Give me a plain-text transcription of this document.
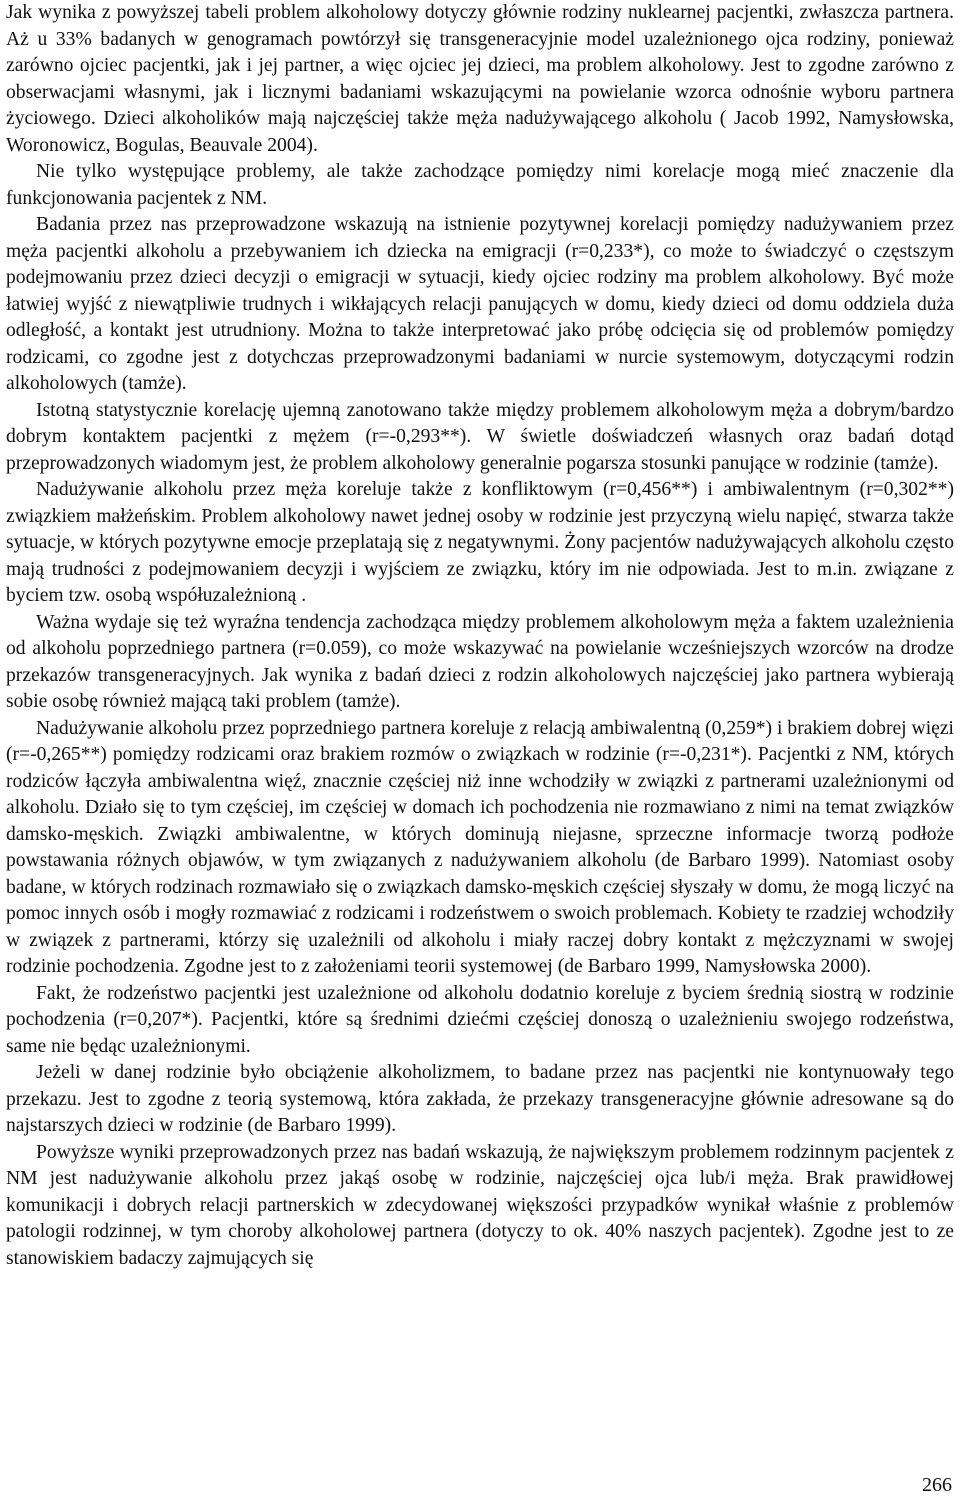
Jak wynika z powyższej tabeli problem alkoholowy dotyczy głównie rodziny nuklearnej pacjentki, zwłaszcza partnera. Aż u 33% badanych w genogramach powtórzył się transgeneracyjnie model uzależnionego ojca rodziny, ponieważ zarówno ojciec pacjentki, jak i jej partner, a więc ojciec jej dzieci, ma problem alkoholowy. Jest to zgodne zarówno z obserwacjami własnymi, jak i licznymi badaniami wskazującymi na powielanie wzorca odnośnie wyboru partnera życiowego. Dzieci alkoholików mają najczęściej także męża nadużywającego alkoholu ( Jacob 1992, Namysłowska, Woronowicz, Bogulas, Beauvale 2004).

Nie tylko występujące problemy, ale także zachodzące pomiędzy nimi korelacje mogą mieć znaczenie dla funkcjonowania pacjentek z NM.

Badania przez nas przeprowadzone wskazują na istnienie pozytywnej korelacji pomiędzy nadużywaniem przez męża pacjentki alkoholu a przebywaniem ich dziecka na emigracji (r=0,233*), co może to świadczyć o częstszym podejmowaniu przez dzieci decyzji o emigracji w sytuacji, kiedy ojciec rodziny ma problem alkoholowy. Być może łatwiej wyjść z niewątpliwie trudnych i wikłających relacji panujących w domu, kiedy dzieci od domu oddziela duża odległość, a kontakt jest utrudniony. Można to także interpretować jako próbę odcięcia się od problemów pomiędzy rodzicami, co zgodne jest z dotychczas przeprowadzonymi badaniami w nurcie systemowym, dotyczącymi rodzin alkoholowych (tamże).

Istotną statystycznie korelację ujemną zanotowano także między problemem alkoholowym męża a dobrym/bardzo dobrym kontaktem pacjentki z mężem (r=-0,293**). W świetle doświadczeń własnych oraz badań dotąd przeprowadzonych wiadomym jest, że problem alkoholowy generalnie pogarsza stosunki panujące w rodzinie (tamże).

Nadużywanie alkoholu przez męża koreluje także z konfliktowym (r=0,456**) i ambiwalentnym (r=0,302**) związkiem małżeńskim. Problem alkoholowy nawet jednej osoby w rodzinie jest przyczyną wielu napięć, stwarza także sytuacje, w których pozytywne emocje przeplatają się z negatywnymi. Żony pacjentów nadużywających alkoholu często mają trudności z podejmowaniem decyzji i wyjściem ze związku, który im nie odpowiada. Jest to m.in. związane z byciem tzw. osobą współuzależnioną .

Ważna wydaje się też wyraźna tendencja zachodząca między problemem alkoholowym męża a faktem uzależnienia od alkoholu poprzedniego partnera (r=0.059), co może wskazywać na powielanie wcześniejszych wzorców na drodze przekazów transgeneracyjnych. Jak wynika z badań dzieci z rodzin alkoholowych najczęściej jako partnera wybierają sobie osobę również mającą taki problem (tamże).

Nadużywanie alkoholu przez poprzedniego partnera koreluje z relacją ambiwalentną (0,259*) i brakiem dobrej więzi (r=-0,265**) pomiędzy rodzicami oraz brakiem rozmów o związkach w rodzinie (r=-0,231*). Pacjentki z NM, których rodziców łączyła ambiwalentna więź, znacznie częściej niż inne wchodziły w związki z partnerami uzależnionymi od alkoholu. Działo się to tym częściej, im częściej w domach ich pochodzenia nie rozmawiano z nimi na temat związków damsko-męskich. Związki ambiwalentne, w których dominują niejasne, sprzeczne informacje tworzą podłoże powstawania różnych objawów, w tym związanych z nadużywaniem alkoholu (de Barbaro 1999). Natomiast osoby badane, w których rodzinach rozmawiało się o związkach damsko-męskich częściej słyszały w domu, że mogą liczyć na pomoc innych osób i mogły rozmawiać z rodzicami i rodzeństwem o swoich problemach. Kobiety te rzadziej wchodziły w związek z partnerami, którzy się uzależnili od alkoholu i miały raczej dobry kontakt z mężczyznami w swojej rodzinie pochodzenia. Zgodne jest to z założeniami teorii systemowej (de Barbaro 1999, Namysłowska 2000).

Fakt, że rodzeństwo pacjentki jest uzależnione od alkoholu dodatnio koreluje z byciem średnią siostrą w rodzinie pochodzenia (r=0,207*). Pacjentki, które są średnimi dziećmi częściej donoszą o uzależnieniu swojego rodzeństwa, same nie będąc uzależnionymi.

Jeżeli w danej rodzinie było obciążenie alkoholizmem, to badane przez nas pacjentki nie kontynuowały tego przekazu. Jest to zgodne z teorią systemową, która zakłada, że przekazy transgeneracyjne głównie adresowane są do najstarszych dzieci w rodzinie (de Barbaro 1999).

Powyższe wyniki przeprowadzonych przez nas badań wskazują, że największym problemem rodzinnym pacjentek z NM jest nadużywanie alkoholu przez jakąś osobę w rodzinie, najczęściej ojca lub/i męża. Brak prawidłowej komunikacji i dobrych relacji partnerskich w zdecydowanej większości przypadków wynikał właśnie z problemów patologii rodzinnej, w tym choroby alkoholowej partnera (dotyczy to ok. 40% naszych pacjentek). Zgodne jest to ze stanowiskiem badaczy zajmujących się

266
